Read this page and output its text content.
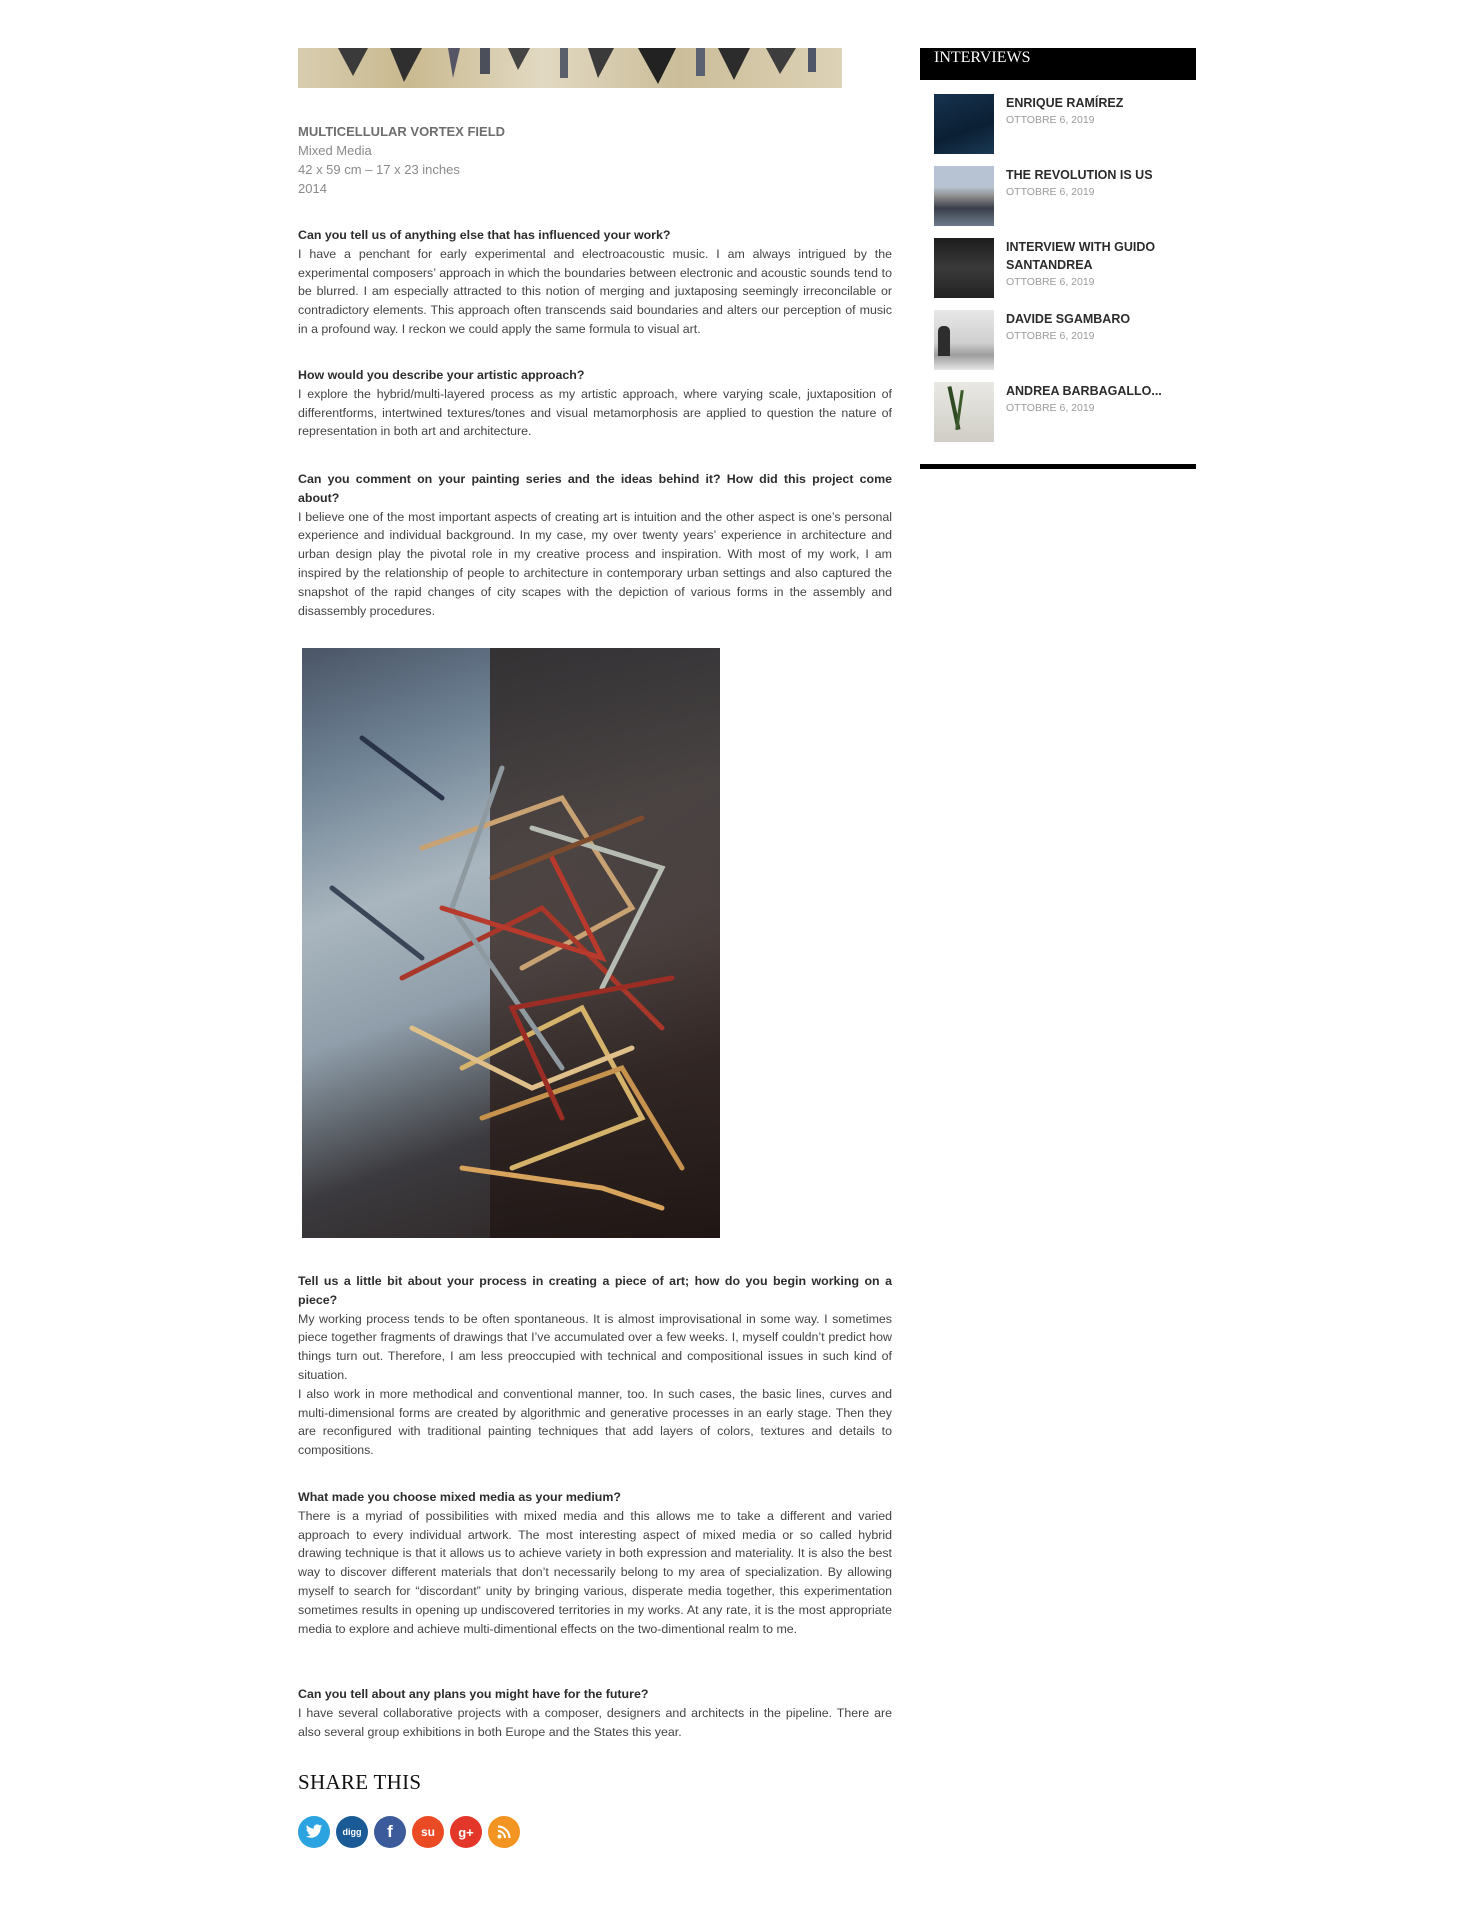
MULTICELLULAR VORTEX FIELD
Mixed Media
42 x 59 cm – 17 x 23 inches
2014

Can you tell us of anything else that has influenced your work?

I have a penchant for early experimental and electroacoustic music. I am always intrigued by the experimental composers’ approach in which the boundaries between electronic and acoustic sounds tend to be blurred. I am especially attracted to this notion of merging and juxtaposing seemingly irreconcilable or contradictory elements. This approach often transcends said boundaries and alters our perception of music in a profound way. I reckon we could apply the same formula to visual art.

How would you describe your artistic approach?

I explore the hybrid/multi-layered process as my artistic approach, where varying scale, juxtaposition of differentforms, intertwined textures/tones and visual metamorphosis are applied to question the nature of representation in both art and architecture.

Can you comment on your painting series and the ideas behind it? How did this project come about?

I believe one of the most important aspects of creating art is intuition and the other aspect is one’s personal experience and individual background. In my case, my over twenty years’ experience in architecture and urban design play the pivotal role in my creative process and inspiration. With most of my work, I am inspired by the relationship of people to architecture in contemporary urban settings and also captured the snapshot of the rapid changes of city scapes with the depiction of various forms in the assembly and disassembly procedures.

Tell us a little bit about your process in creating a piece of art; how do you begin working on a piece?

My working process tends to be often spontaneous. It is almost improvisational in some way. I sometimes piece together fragments of drawings that I’ve accumulated over a few weeks. I, myself couldn’t predict how things turn out. Therefore, I am less preoccupied with technical and compositional issues in such kind of situation.

I also work in more methodical and conventional manner, too. In such cases, the basic lines, curves and multi-dimensional forms are created by algorithmic and generative processes in an early stage. Then they are reconfigured with traditional painting techniques that add layers of colors, textures and details to compositions.

What made you choose mixed media as your medium?

There is a myriad of possibilities with mixed media and this allows me to take a different and varied approach to every individual artwork. The most interesting aspect of mixed media or so called hybrid drawing technique is that it allows us to achieve variety in both expression and materiality. It is also the best way to discover different materials that don’t necessarily belong to my area of specialization. By allowing myself to search for “discordant” unity by bringing various, disperate media together, this experimentation sometimes results in opening up undiscovered territories in my works. At any rate, it is the most appropriate media to explore and achieve multi-dimentional effects on the two-dimentional realm to me.

Can you tell about any plans you might have for the future?

I have several collaborative projects with a composer, designers and architects in the pipeline. There are also several group exhibitions in both Europe and the States this year.

SHARE THIS
digg	f	su	g+
INTERVIEWS
ENRIQUE RAMÍREZ
OTTOBRE 6, 2019
THE REVOLUTION IS US
OTTOBRE 6, 2019
INTERVIEW WITH GUIDO SANTANDREA
OTTOBRE 6, 2019
DAVIDE SGAMBARO
OTTOBRE 6, 2019
ANDREA BARBAGALLO...
OTTOBRE 6, 2019
